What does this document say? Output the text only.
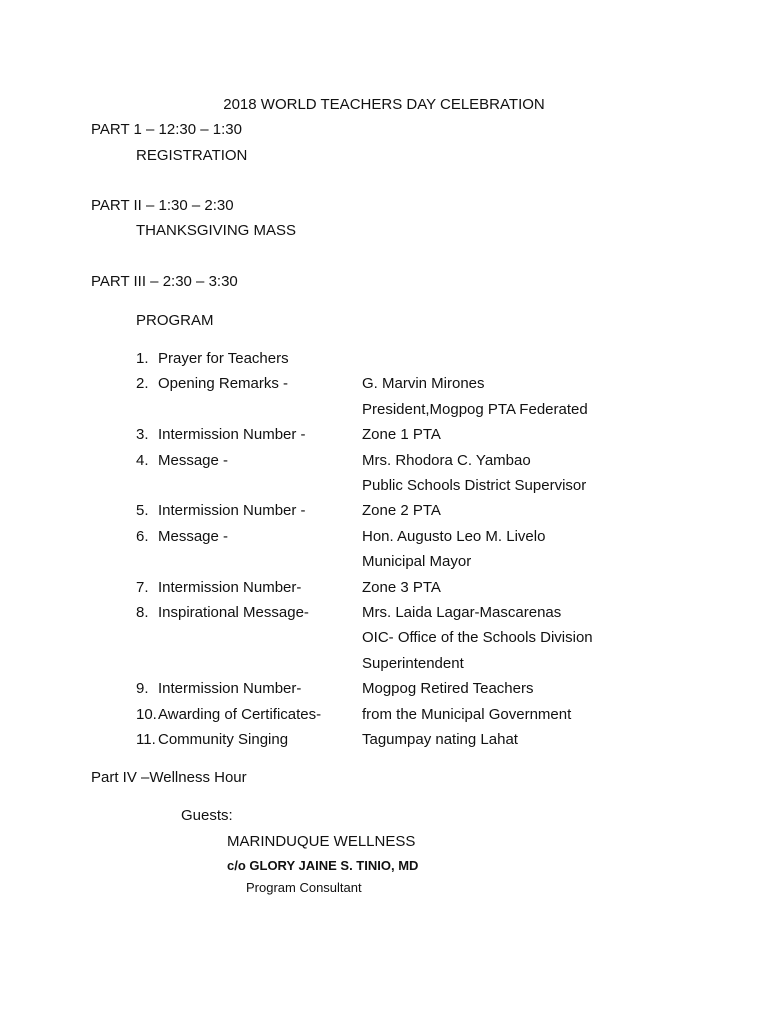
2018 WORLD TEACHERS DAY CELEBRATION
PART 1 – 12:30 – 1:30
REGISTRATION
PART II – 1:30 – 2:30
THANKSGIVING MASS
PART III – 2:30 – 3:30
PROGRAM
1. Prayer for Teachers
2. Opening Remarks -	G. Marvin Mirones
President,Mogpog PTA Federated
3. Intermission Number -	Zone 1 PTA
4. Message -	Mrs. Rhodora C. Yambao
Public Schools District Supervisor
5. Intermission Number -	Zone 2 PTA
6. Message -	Hon. Augusto Leo M. Livelo
Municipal Mayor
7. Intermission Number-	Zone 3 PTA
8. Inspirational Message-	Mrs. Laida Lagar-Mascarenas
OIC- Office of the Schools Division
Superintendent
9. Intermission Number-	Mogpog Retired Teachers
10. Awarding of Certificates-	from the Municipal Government
11. Community Singing	Tagumpay nating Lahat
Part IV –Wellness Hour
Guests:
MARINDUQUE WELLNESS
c/o GLORY JAINE S. TINIO, MD
Program Consultant
